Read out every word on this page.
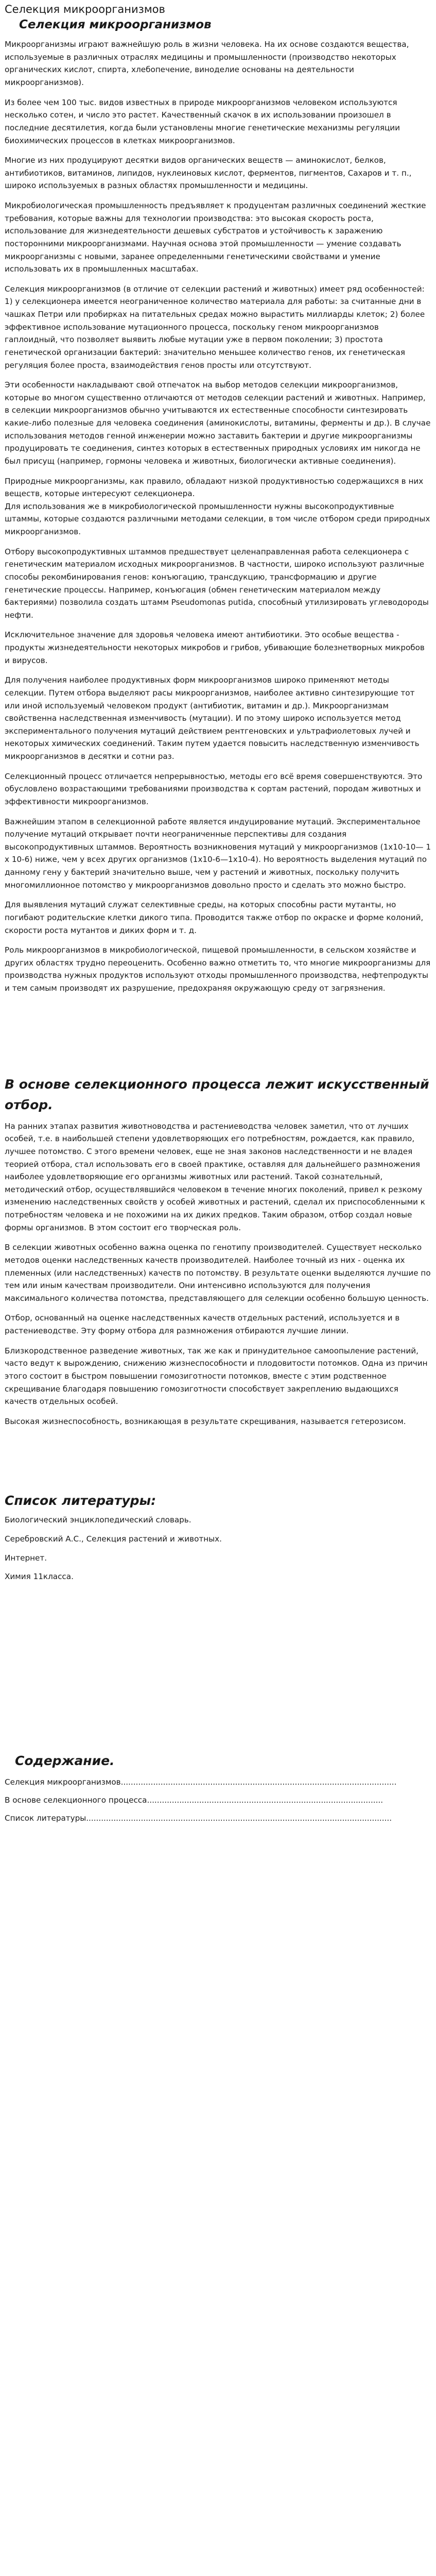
Селекция микроорганизмов
Селекция микроорганизмов
Микроорганизмы играют важнейшую роль в жизни человека. На их основе создаются вещества, используемые в различных отраслях медицины и промышленности (производство некоторых органических кислот, спирта, хлебопечение, виноделие основаны на деятельности микроорганизмов).
Из более чем 100 тыс. видов известных в природе микроорганизмов человеком используются несколько сотен, и число это растет. Качественный скачок в их использовании произошел в последние десятилетия, когда были установлены многие генетические механизмы регуляции биохимических процессов в клетках микроорганизмов.
Многие из них продуцируют десятки видов органических веществ — аминокислот, белков, антибиотиков, витаминов, липидов, нуклеиновых кислот, ферментов, пигментов, Сахаров и т. п., широко используемых в разных областях промышленности и медицины.
Микробиологическая промышленность предъявляет к продуцентам различных соединений жесткие требования, которые важны для технологии производства: это высокая скорость роста, использование для жизнедеятельности дешевых субстратов и устойчивость к заражению посторонними микроорганизмами. Научная основа этой промышленности — умение создавать микроорганизмы с новыми, заранее определенными генетическими свойствами и умение использовать их в промышленных масштабах.
Селекция микроорганизмов (в отличие от селекции растений и животных) имеет ряд особенностей: 1) у селекционера имеется неограниченное количество материала для работы: за считанные дни в чашках Петри или пробирках на питательных средах можно вырастить миллиарды клеток; 2) более эффективное использование мутационного процесса, поскольку геном микроорганизмов гаплоидный, что позволяет выявить любые мутации уже в первом поколении; 3) простота генетической организации бактерий: значительно меньшее количество генов, их генетическая регуляция более проста, взаимодействия генов просты или отсутствуют.
Эти особенности накладывают свой отпечаток на выбор методов селекции микроорганизмов, которые во многом существенно отличаются от методов селекции растений и животных. Например, в селекции микроорганизмов обычно учитываются их естественные способности синтезировать какие-либо полезные для человека соединения (аминокислоты, витамины, ферменты и др.). В случае использования методов генной инженерии можно заставить бактерии и другие микроорганизмы продуцировать те соединения, синтез которых в естественных природных условиях им никогда не был присущ (например, гормоны человека и животных, биологически активные соединения).
Природные микроорганизмы, как правило, обладают низкой продуктивностью содержащихся в них веществ, которые интересуют селекционера.
Для использования же в микробиологической промышленности нужны высокопродуктивные штаммы, которые создаются различными методами селекции, в том числе отбором среди природных микроорганизмов.
Отбору высокопродуктивных штаммов предшествует целенаправленная работа селекционера с генетическим материалом исходных микроорганизмов. В частности, широко используют различные способы рекомбинирования генов: конъюгацию, трансдукцию, трансформацию и другие генетические процессы. Например, конъюгация (обмен генетическим материалом между бактериями) позволила создать штамм Pseudomonas putida, способный утилизировать углеводороды нефти.
Исключительное значение для здоровья человека имеют антибиотики. Это особые вещества - продукты жизнедеятельности некоторых микробов и грибов, убивающие болезнетворных микробов и вирусов.
Для получения наиболее продуктивных форм микроорганизмов широко применяют методы селекции. Путем отбора выделяют расы микроорганизмов, наиболее активно синтезирующие тот или иной используемый человеком продукт (антибиотик, витамин и др.). Микроорганизмам свойственна наследственная изменчивость (мутации). И по этому широко используется метод экспериментального получения мутаций действием рентгеновских и ультрафиолетовых лучей и некоторых химических соединений. Таким путем удается повысить наследственную изменчивость микроорганизмов в десятки и сотни раз.
Селекционный процесс отличается непрерывностью, методы его всё время совершенствуются. Это обусловлено возрастающими требованиями производства к сортам растений, породам животных и эффективности микроорганизмов.
Важнейшим этапом в селекционной работе является индуцирование мутаций. Экспериментальное получение мутаций открывает почти неограниченные перспективы для создания высокопродуктивных штаммов. Вероятность возникновения мутаций у микроорганизмов (1х10-10— 1 х 10-6) ниже, чем у всех других организмов (1х10-6—1х10-4). Но вероятность выделения мутаций по данному гену у бактерий значительно выше, чем у растений и животных, поскольку получить многомиллионное потомство у микроорганизмов довольно просто и сделать это можно быстро.
Для выявления мутаций служат селективные среды, на которых способны расти мутанты, но погибают родительские клетки дикого типа. Проводится также отбор по окраске и форме колоний, скорости роста мутантов и диких форм и т. д.
Роль микроорганизмов в микробиологической, пищевой промышленности, в сельском хозяйстве и других областях трудно переоценить. Особенно важно отметить то, что многие микроорганизмы для производства нужных продуктов используют отходы промышленного производства, нефтепродукты и тем самым производят их разрушение, предохраняя окружающую среду от загрязнения.
В основе селекционного процесса лежит искусственный отбор.
На ранних этапах развития животноводства и растениеводства человек заметил, что от лучших особей, т.е. в наибольшей степени удовлетворяющих его потребностям, рождается, как правило, лучшее потомство. С этого времени человек, еще не зная законов наследственности и не владея теорией отбора, стал использовать его в своей практике, оставляя для дальнейшего размножения наиболее удовлетворяющие его организмы животных или растений. Такой сознательный, методический отбор, осуществлявшийся человеком в течение многих поколений, привел к резкому изменению наследственных свойств у особей животных и растений, сделал их приспособленными к потребностям человека и не похожими на их диких предков. Таким образом, отбор создал новые формы организмов. В этом состоит его творческая роль.
В селекции животных особенно важна оценка по генотипу производителей. Существует несколько методов оценки наследственных качеств производителей. Наиболее точный из них - оценка их племенных (или наследственных) качеств по потомству. В результате оценки выделяются лучшие по тем или иным качествам производители. Они интенсивно используются для получения максимального количества потомства, представляющего для селекции особенно большую ценность.
Отбор, основанный на оценке наследственных качеств отдельных растений, используется и в растениеводстве. Эту форму отбора для размножения отбираются лучшие линии.
Близкородственное разведение животных, так же как и принудительное самоопыление растений, часто ведут к вырождению, снижению жизнеспособности и плодовитости потомков. Одна из причин этого состоит в быстром повышении гомозиготности потомков, вместе с этим родственное скрещивание благодаря повышению гомозиготности способствует закреплению выдающихся качеств отдельных особей.
Высокая жизнеспособность, возникающая в результате скрещивания, называется гетерозисом.
Список литературы:
Биологический энциклопедический словарь.
Серебровский А.С., Селекция растений и животных.
Интернет.
Химия 11класса.
Содержание.
Селекция микроорганизмов...............................................................................................................
В основе селекционного процесса...............................................................................................
Список литературы...........................................................................................................................
